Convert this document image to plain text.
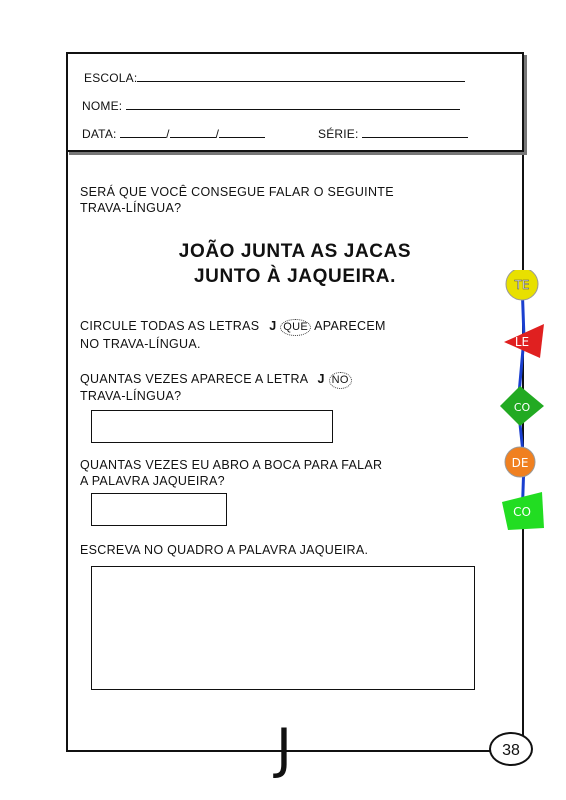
ESCOLA:
NOME:
DATA:	/	/	SÉRIE:
SERÁ QUE VOCÊ CONSEGUE FALAR O SEGUINTE
TRAVA-LÍNGUA?
JOÃO JUNTA AS JACAS
JUNTO À JAQUEIRA.
CIRCULE TODAS AS LETRAS J QUE APARECEM
NO TRAVA-LÍNGUA.
QUANTAS VEZES APARECE A LETRA J NO
TRAVA-LÍNGUA?
QUANTAS VEZES EU ABRO A BOCA PARA FALAR
A PALAVRA JAQUEIRA?
ESCREVA NO QUADRO A PALAVRA JAQUEIRA.
J	38
TE
LE
CO
DE
CO
